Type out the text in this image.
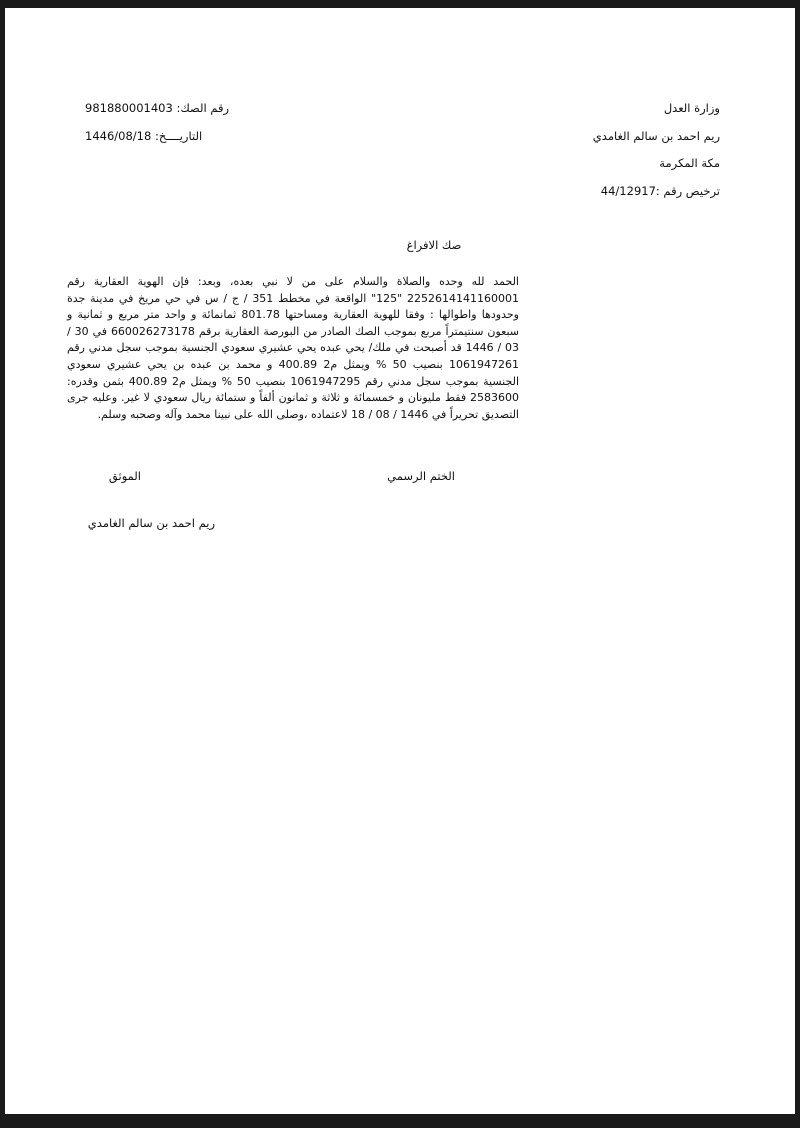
وزارة العدل
رقم الصك: 981880001403
ريم احمد بن سالم الغامدي
التاريــــخ: 1446/08/18
مكة المكرمة
ترخيص رقم :44/12917
صك الافراغ
الحمد لله وحده والصلاة والسلام على من لا نبي بعده، وبعد: فإن الهوية العقارية رقم 2252614141160001 "125" الواقعة في مخطط 351 / ج / س في حي مريخ في مدينة جدة وحدودها واطوالها : وفقا للهوية العقارية ومساحتها 801.78 ثمانمائة و واحد متر مربع و ثمانية و سبعون سنتيمتراً مربع بموجب الصك الصادر من البورصة العقارية برقم 660026273178 في 30 / 03 / 1446 قد أصبحت في ملك/ يحي عبده يحي عشيري سعودي الجنسية بموجب سجل مدني رقم 1061947261 بنصيب 50 % ويمثل م2 400.89 و محمد بن عبده بن يحي عشيري سعودي الجنسية بموجب سجل مدني رقم 1061947295 بنصيب 50 % ويمثل م2 400.89 بثمن وقدره: 2583600 فقط مليونان و خمسمائة و ثلاثة و ثمانون ألفاً و ستمائة ريال سعودي لا غير. وعليه جرى التصديق تحريراً في 1446 / 08 / 18 لاعتماده ،وصلى الله على نبينا محمد وآله وصحبه وسلم.
الختم الرسمي
الموثق
ريم احمد بن سالم الغامدي
